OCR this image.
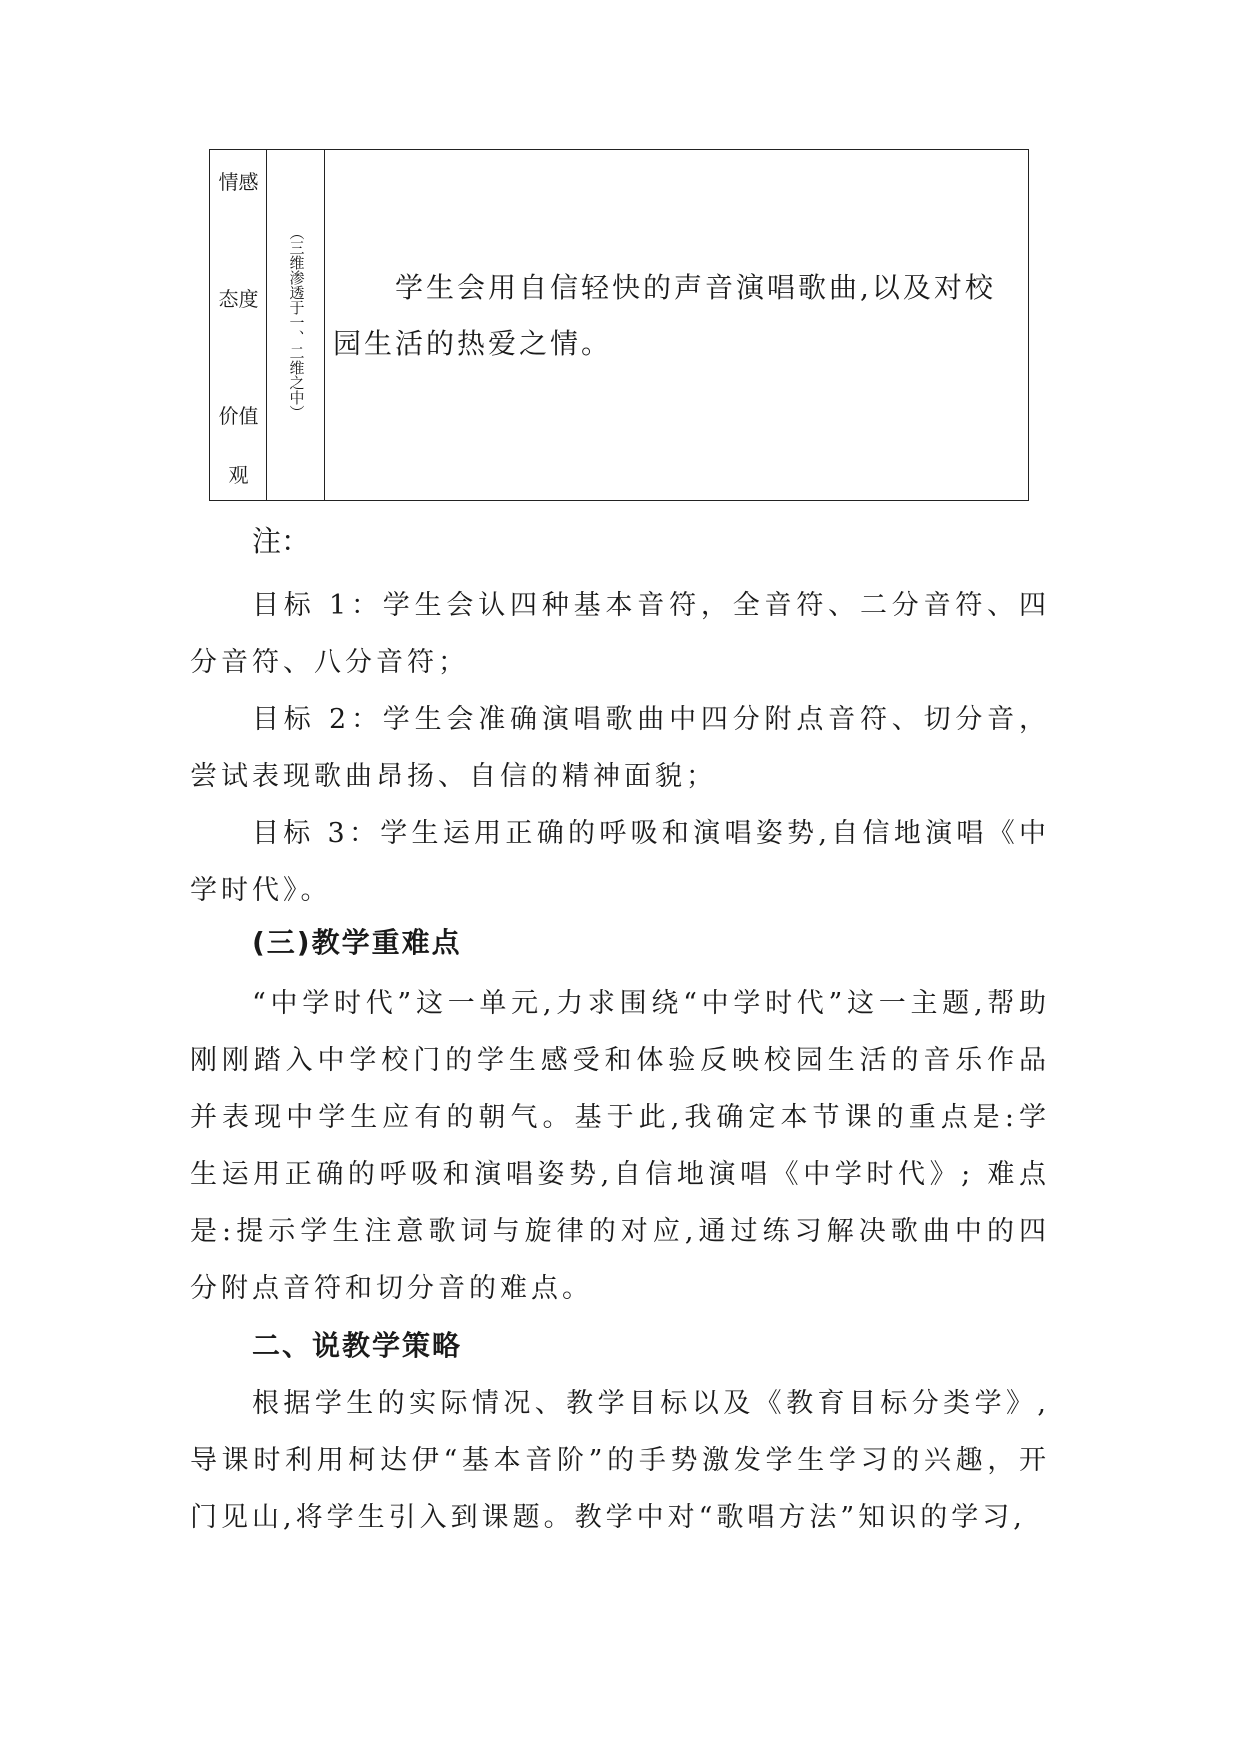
情感
态度
价值
观
（三维渗透于一、二维之中）	学生会用自信轻快的声音演唱歌曲,以及对校园生活的热爱之情。

注：

目标 1：学生会认四种基本音符，全音符、二分音符、四分音符、八分音符；

目标 2：学生会准确演唱歌曲中四分附点音符、切分音，尝试表现歌曲昂扬、自信的精神面貌；

目标 3：学生运用正确的呼吸和演唱姿势,自信地演唱《中学时代》。

(三)教学重难点

“中学时代”这一单元,力求围绕“中学时代”这一主题,帮助刚刚踏入中学校门的学生感受和体验反映校园生活的音乐作品并表现中学生应有的朝气。基于此,我确定本节课的重点是:学生运用正确的呼吸和演唱姿势,自信地演唱《中学时代》; 难点是:提示学生注意歌词与旋律的对应,通过练习解决歌曲中的四分附点音符和切分音的难点。

二、说教学策略

根据学生的实际情况、教学目标以及《教育目标分类学》,导课时利用柯达伊“基本音阶”的手势激发学生学习的兴趣，开门见山,将学生引入到课题。教学中对“歌唱方法”知识的学习,
